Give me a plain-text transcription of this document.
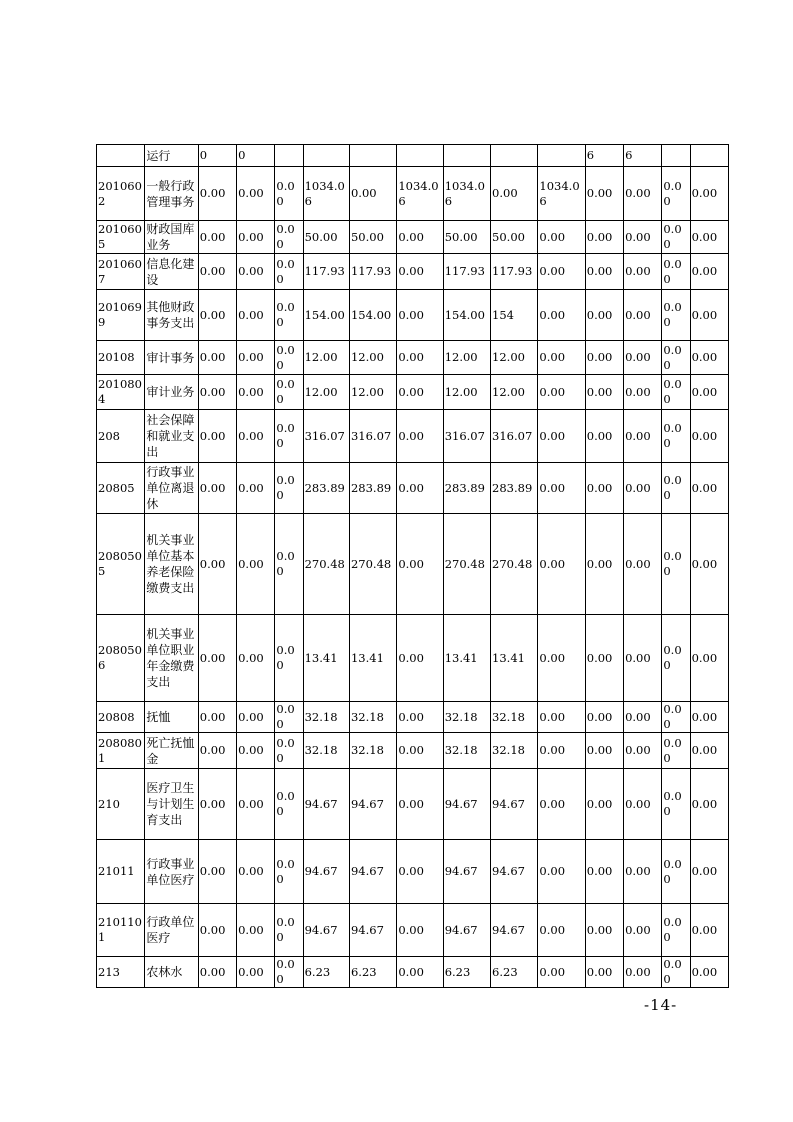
	运行	0	0								6	6		
2010602	一般行政管理事务	0.00	0.00	0.00	1034.06	0.00	1034.06	1034.06	0.00	1034.06	0.00	0.00	0.00	0.00
2010605	财政国库业务	0.00	0.00	0.00	50.00	50.00	0.00	50.00	50.00	0.00	0.00	0.00	0.00	0.00
2010607	信息化建设	0.00	0.00	0.00	117.93	117.93	0.00	117.93	117.93	0.00	0.00	0.00	0.00	0.00
2010699	其他财政事务支出	0.00	0.00	0.00	154.00	154.00	0.00	154.00	154	0.00	0.00	0.00	0.00	0.00
20108	审计事务	0.00	0.00	0.00	12.00	12.00	0.00	12.00	12.00	0.00	0.00	0.00	0.00	0.00
2010804	审计业务	0.00	0.00	0.00	12.00	12.00	0.00	12.00	12.00	0.00	0.00	0.00	0.00	0.00
208	社会保障和就业支出	0.00	0.00	0.00	316.07	316.07	0.00	316.07	316.07	0.00	0.00	0.00	0.00	0.00
20805	行政事业单位离退休	0.00	0.00	0.00	283.89	283.89	0.00	283.89	283.89	0.00	0.00	0.00	0.00	0.00
2080505	机关事业单位基本养老保险缴费支出	0.00	0.00	0.00	270.48	270.48	0.00	270.48	270.48	0.00	0.00	0.00	0.00	0.00
2080506	机关事业单位职业年金缴费支出	0.00	0.00	0.00	13.41	13.41	0.00	13.41	13.41	0.00	0.00	0.00	0.00	0.00
20808	抚恤	0.00	0.00	0.00	32.18	32.18	0.00	32.18	32.18	0.00	0.00	0.00	0.00	0.00
2080801	死亡抚恤金	0.00	0.00	0.00	32.18	32.18	0.00	32.18	32.18	0.00	0.00	0.00	0.00	0.00
210	医疗卫生与计划生育支出	0.00	0.00	0.00	94.67	94.67	0.00	94.67	94.67	0.00	0.00	0.00	0.00	0.00
21011	行政事业单位医疗	0.00	0.00	0.00	94.67	94.67	0.00	94.67	94.67	0.00	0.00	0.00	0.00	0.00
2101101	行政单位医疗	0.00	0.00	0.00	94.67	94.67	0.00	94.67	94.67	0.00	0.00	0.00	0.00	0.00
213	农林水	0.00	0.00	0.00	6.23	6.23	0.00	6.23	6.23	0.00	0.00	0.00	0.00	0.00
-14-
